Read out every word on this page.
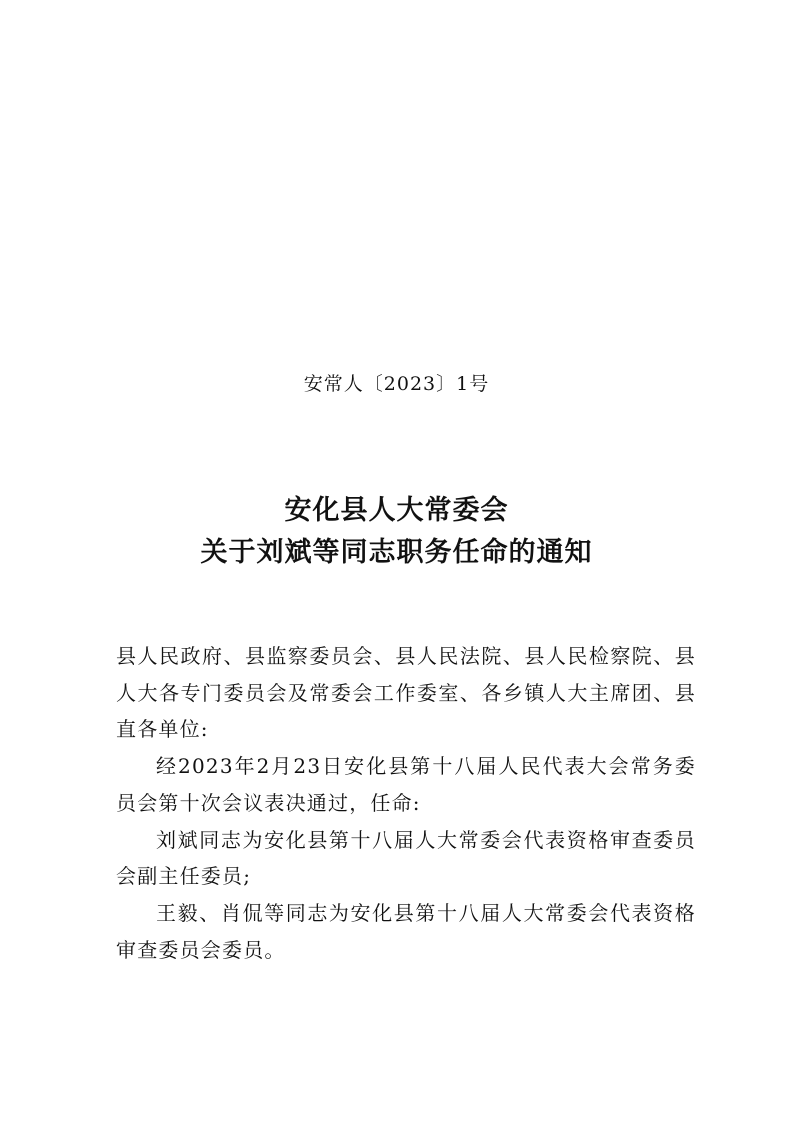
安常人〔2023〕1号
安化县人大常委会
关于刘斌等同志职务任命的通知

县人民政府、县监察委员会、县人民法院、县人民检察院、县人大各专门委员会及常委会工作委室、各乡镇人大主席团、县直各单位:

经2023年2月23日安化县第十八届人民代表大会常务委员会第十次会议表决通过，任命:

刘斌同志为安化县第十八届人大常委会代表资格审查委员会副主任委员;

王毅、肖侃等同志为安化县第十八届人大常委会代表资格审查委员会委员。
